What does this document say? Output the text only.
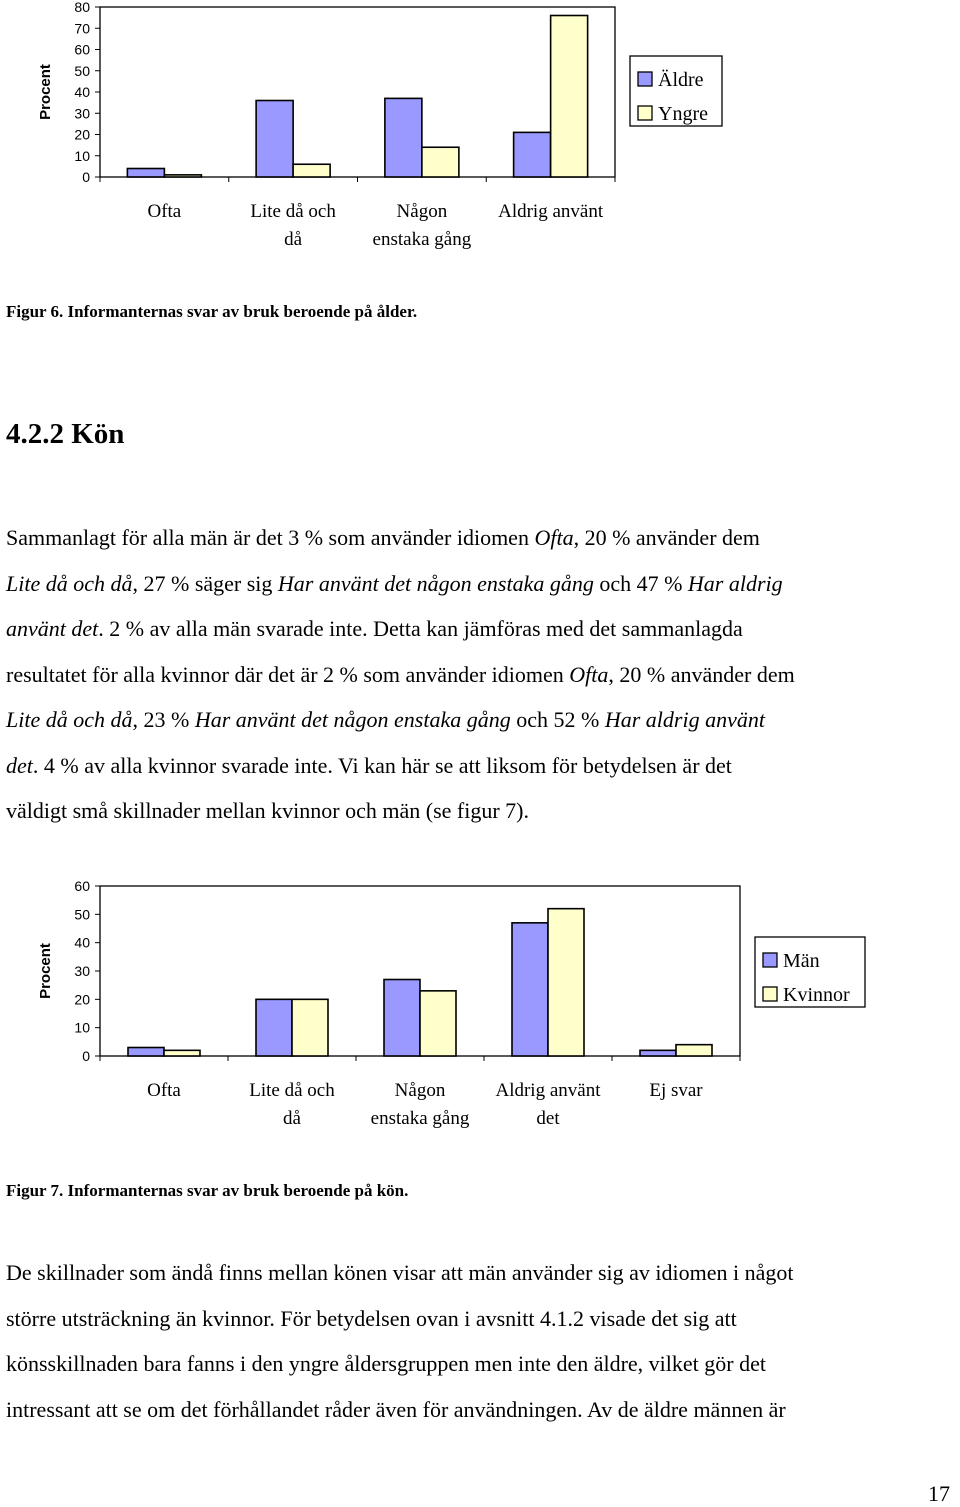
0
10
20
30
40
50
60
70
80
Procent
Ofta	Lite då och
då
Någon
enstaka gång
Aldrig använt
Äldre
Yngre
Figur 6. Informanternas svar av bruk beroende på ålder.
4.2.2 Kön
Sammanlagt för alla män är det 3 % som använder idiomen Ofta, 20 % använder dem
Lite då och då, 27 % säger sig Har använt det någon enstaka gång och 47 % Har aldrig
använt det. 2 % av alla män svarade inte. Detta kan jämföras med det sammanlagda
resultatet för alla kvinnor där det är 2 % som använder idiomen Ofta, 20 % använder dem
Lite då och då, 23 % Har använt det någon enstaka gång och 52 % Har aldrig använt
det. 4 % av alla kvinnor svarade inte. Vi kan här se att liksom för betydelsen är det
väldigt små skillnader mellan kvinnor och män (se figur 7).
0
10
20
30
40
50
60
Procent
Ofta	Lite då och
då
Någon
enstaka gång
Aldrig använt
det
Ej svar
Män
Kvinnor
Figur 7. Informanternas svar av bruk beroende på kön.
De skillnader som ändå finns mellan könen visar att män använder sig av idiomen i något
större utsträckning än kvinnor. För betydelsen ovan i avsnitt 4.1.2 visade det sig att
könsskillnaden bara fanns i den yngre åldersgruppen men inte den äldre, vilket gör det
intressant att se om det förhållandet råder även för användningen. Av de äldre männen är
17
